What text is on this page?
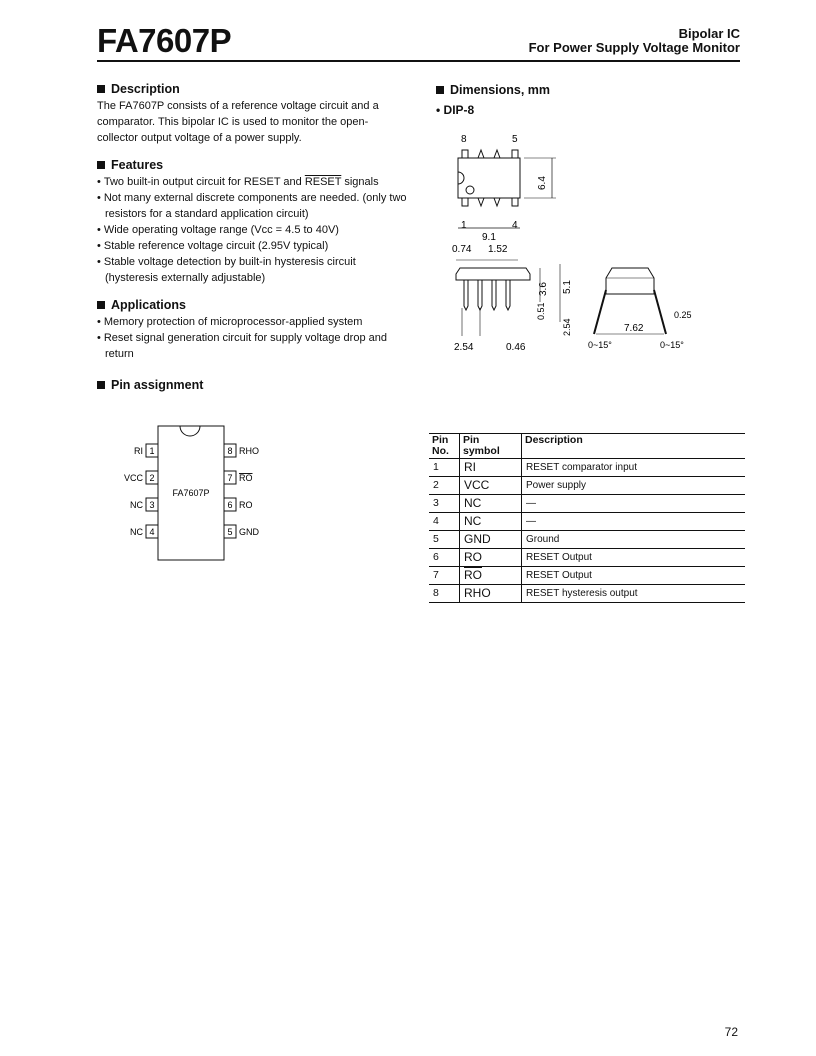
FA7607P	Bipolar IC
For Power Supply Voltage Monitor
Description
The FA7607P consists of a reference voltage circuit and a comparator. This bipolar IC is used to monitor the open-collector output voltage of a power supply.
Features
• Two built-in output circuit for RESET and RESET signals
• Not many external discrete components are needed. (only two resistors for a standard application circuit)
• Wide operating voltage range (Vcc = 4.5 to 40V)
• Stable reference voltage circuit (2.95V typical)
• Stable voltage detection by built-in hysteresis circuit (hysteresis externally adjustable)
Applications
• Memory protection of microprocessor-applied system
• Reset signal generation circuit for supply voltage drop and return
Pin assignment
FA7607P
1
RI
2
VCC
3
NC
4
NC
8 RHO
7 RO
6 RO
5 GND
Dimensions, mm
• DIP-8
8	5
1	4
9.1
6.4
0.74 1.52
2.54	0.46
3.6 5.1
0.51
2.54	7.62
0.25
0~15°	0~15°
Pin No.	Pin symbol	Description
1	RI	RESET comparator input
2	VCC	Power supply
3	NC	—
4	NC	—
5	GND	Ground
6	RO	RESET Output
7	$\overline{RO}$	RESET Output
8	RHO	RESET hysteresis output
72
